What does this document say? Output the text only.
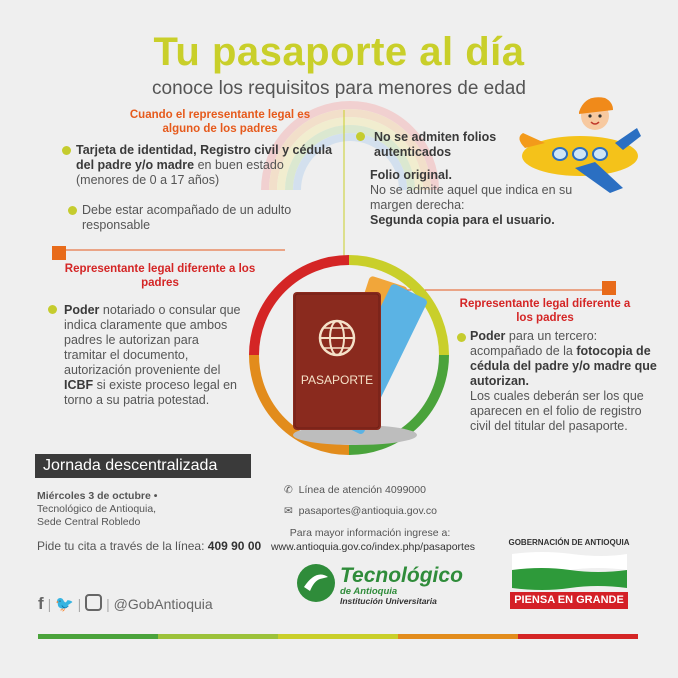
Tu pasaporte al día
conoce los requisitos para menores de edad
Cuando el representante legal es alguno de los padres
Tarjeta de identidad, Registro civil y cédula del padre y/o madre en buen estado
(menores de 0 a 17 años)
Debe estar acompañado de un adulto responsable
No se admiten folios autenticados
Folio original.
No se admite aquel que indica en su margen derecha:
Segunda copia para el usuario.
Representante legal diferente a los padres
Poder notariado o consular que indica claramente que ambos padres le autorizan para tramitar el documento, autorización proveniente del ICBF si existe proceso legal en torno a su patria potestad.
Representante legal diferente a los padres
Poder para un tercero: acompañado de la fotocopia de cédula del padre y/o madre que autorizan.
Los cuales deberán ser los que aparecen en el folio de registro civil del titular del pasaporte.
PASAPORTE
Jornada descentralizada
Miércoles 3 de octubre •
Tecnológico de Antioquia,
Sede Central Robledo
Pide tu cita a través de la línea: 409 90 00
✆ Línea de atención 4099000
✉ pasaportes@antioquia.gov.co
Para mayor información ingrese a:
www.antioquia.gov.co/index.php/pasaportes
f | 🐦 | | @GobAntioquia
Tecnológico
de Antioquia
Institución Universitaria
GOBERNACIÓN DE ANTIOQUIA
PIENSA EN GRANDE
